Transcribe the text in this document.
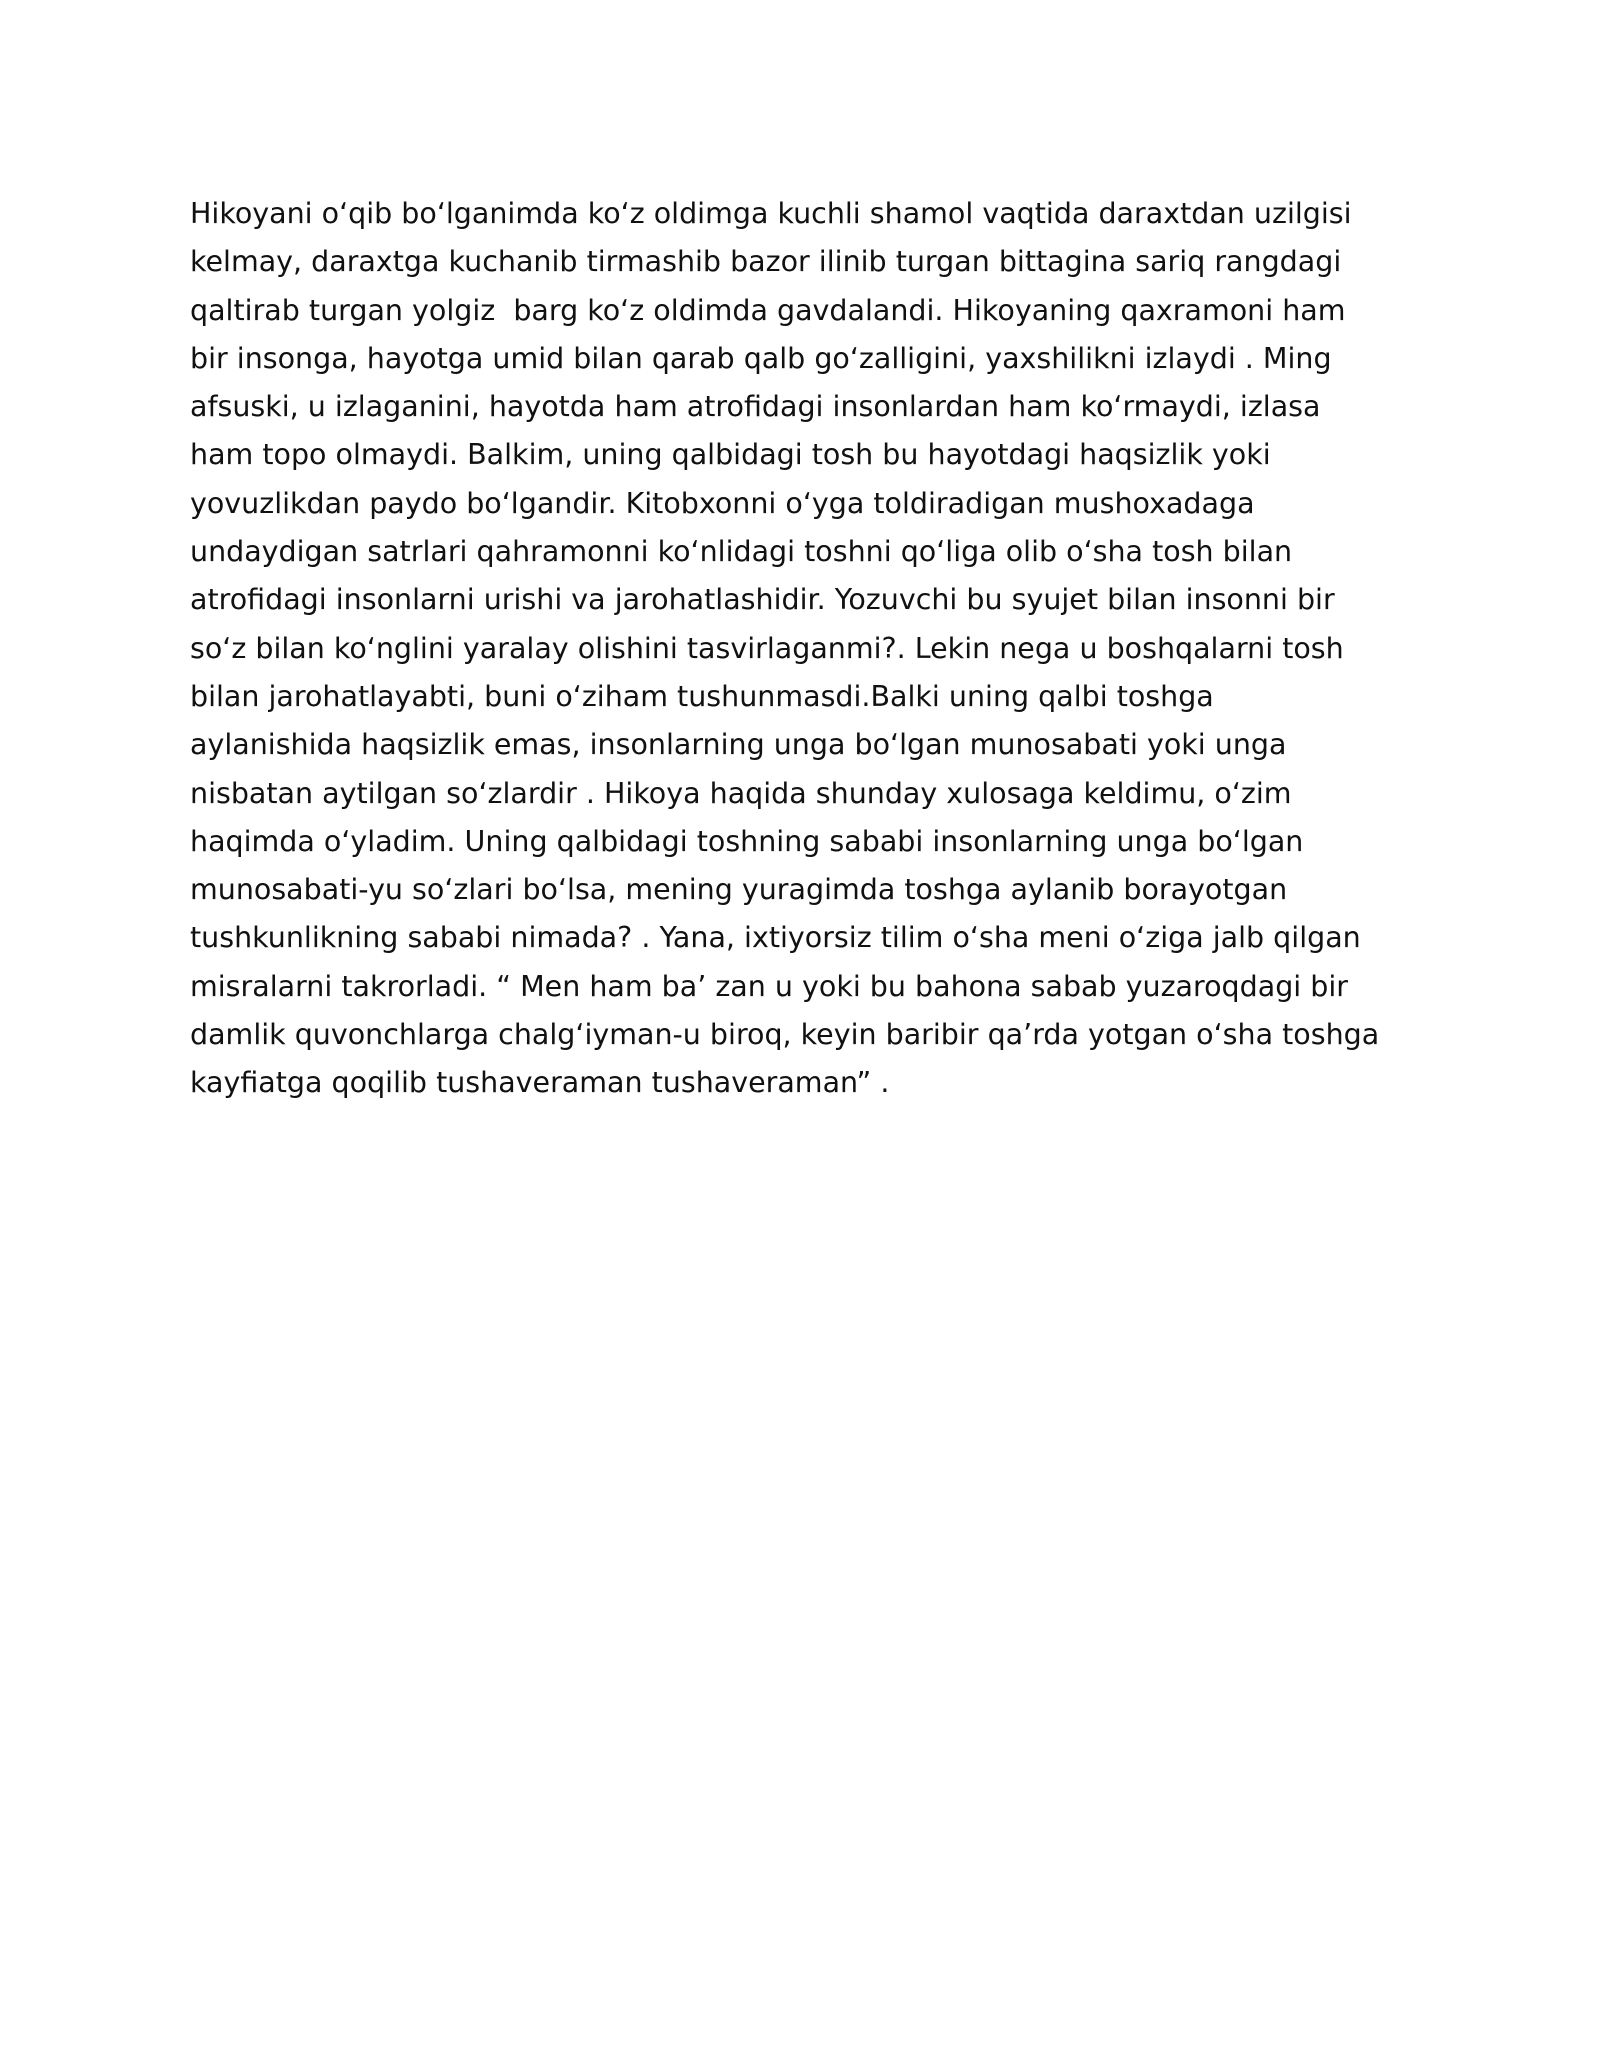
Hikoyani oʻqib boʻlganimda koʻz oldimga kuchli shamol vaqtida daraxtdan uzilgisi
kelmay, daraxtga kuchanib tirmashib bazor ilinib turgan bittagina sariq rangdagi
qaltirab turgan yolgiz  barg koʻz oldimda gavdalandi. Hikoyaning qaxramoni ham
bir insonga, hayotga umid bilan qarab qalb goʻzalligini, yaxshilikni izlaydi . Ming
afsuski, u izlaganini, hayotda ham atrofidagi insonlardan ham koʻrmaydi, izlasa
ham topo olmaydi. Balkim, uning qalbidagi tosh bu hayotdagi haqsizlik yoki
yovuzlikdan paydo boʻlgandir. Kitobxonni oʻyga toldiradigan mushoxadaga
undaydigan satrlari qahramonni koʻnlidagi toshni qoʻliga olib oʻsha tosh bilan
atrofidagi insonlarni urishi va jarohatlashidir. Yozuvchi bu syujet bilan insonni bir
soʻz bilan koʻnglini yaralay olishini tasvirlaganmi?. Lekin nega u boshqalarni tosh
bilan jarohatlayabti, buni oʻziham tushunmasdi.Balki uning qalbi toshga
aylanishida haqsizlik emas, insonlarning unga boʻlgan munosabati yoki unga
nisbatan aytilgan soʻzlardir . Hikoya haqida shunday xulosaga keldimu, oʻzim
haqimda oʻyladim. Uning qalbidagi toshning sababi insonlarning unga boʻlgan
munosabati-yu soʻzlari boʻlsa, mening yuragimda toshga aylanib borayotgan
tushkunlikning sababi nimada? . Yana, ixtiyorsiz tilim oʻsha meni oʻziga jalb qilgan
misralarni takrorladi. “ Men ham ba’ zan u yoki bu bahona sabab yuzaroqdagi bir
damlik quvonchlarga chalgʻiyman-u biroq, keyin baribir qa’rda yotgan oʻsha toshga
kayfiatga qoqilib tushaveraman tushaveraman” .
